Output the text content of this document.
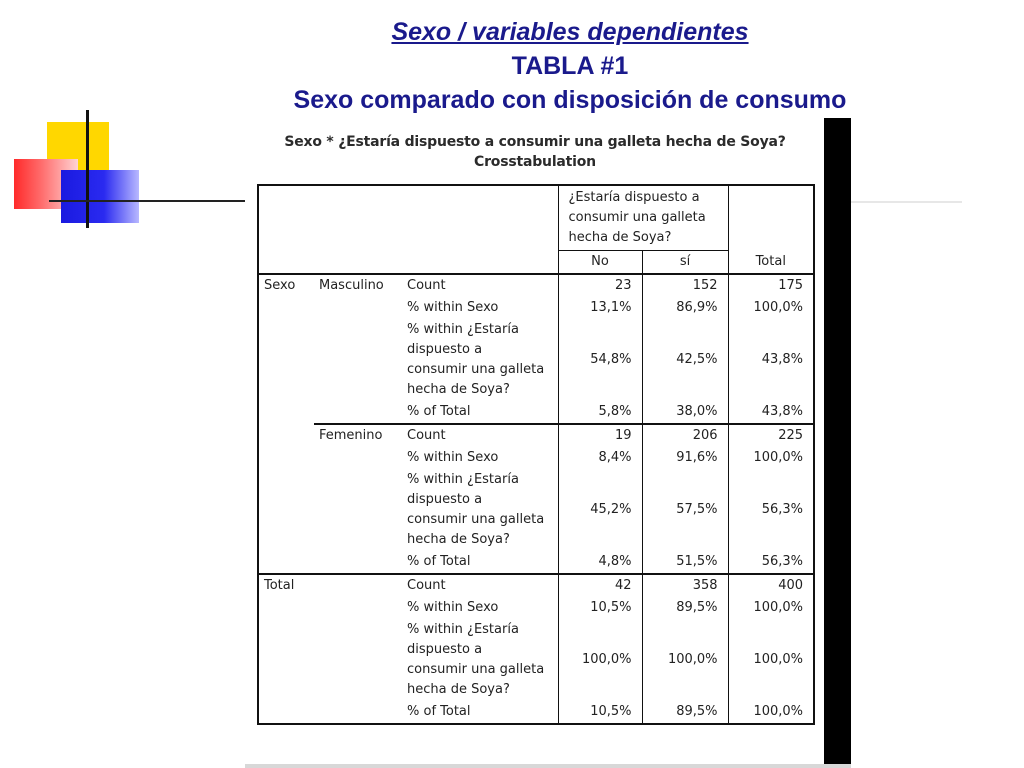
Sexo / variables dependientes
TABLA #1
Sexo comparado con disposición de consumo
Sexo * ¿Estaría dispuesto a consumir una galleta hecha de Soya?
Crosstabulation

			¿Estaría dispuesto a
consumir una galleta
hecha de Soya?		

			No	sí	Total
Sexo	Masculino	Count	23	152	175
		% within Sexo	13,1%	86,9%	100,0%

		% within ¿Estaría
dispuesto a
consumir una galleta
hecha de Soya?	54,8%	42,5%	43,8%
		% of Total	5,8%	38,0%	43,8%
	Femenino	Count	19	206	225
		% within Sexo	8,4%	91,6%	100,0%

		% within ¿Estaría
dispuesto a
consumir una galleta
hecha de Soya?	45,2%	57,5%	56,3%
		% of Total	4,8%	51,5%	56,3%
Total		Count	42	358	400
		% within Sexo	10,5%	89,5%	100,0%

		% within ¿Estaría
dispuesto a
consumir una galleta
hecha de Soya?	100,0%	100,0%	100,0%
		% of Total	10,5%	89,5%	100,0%
